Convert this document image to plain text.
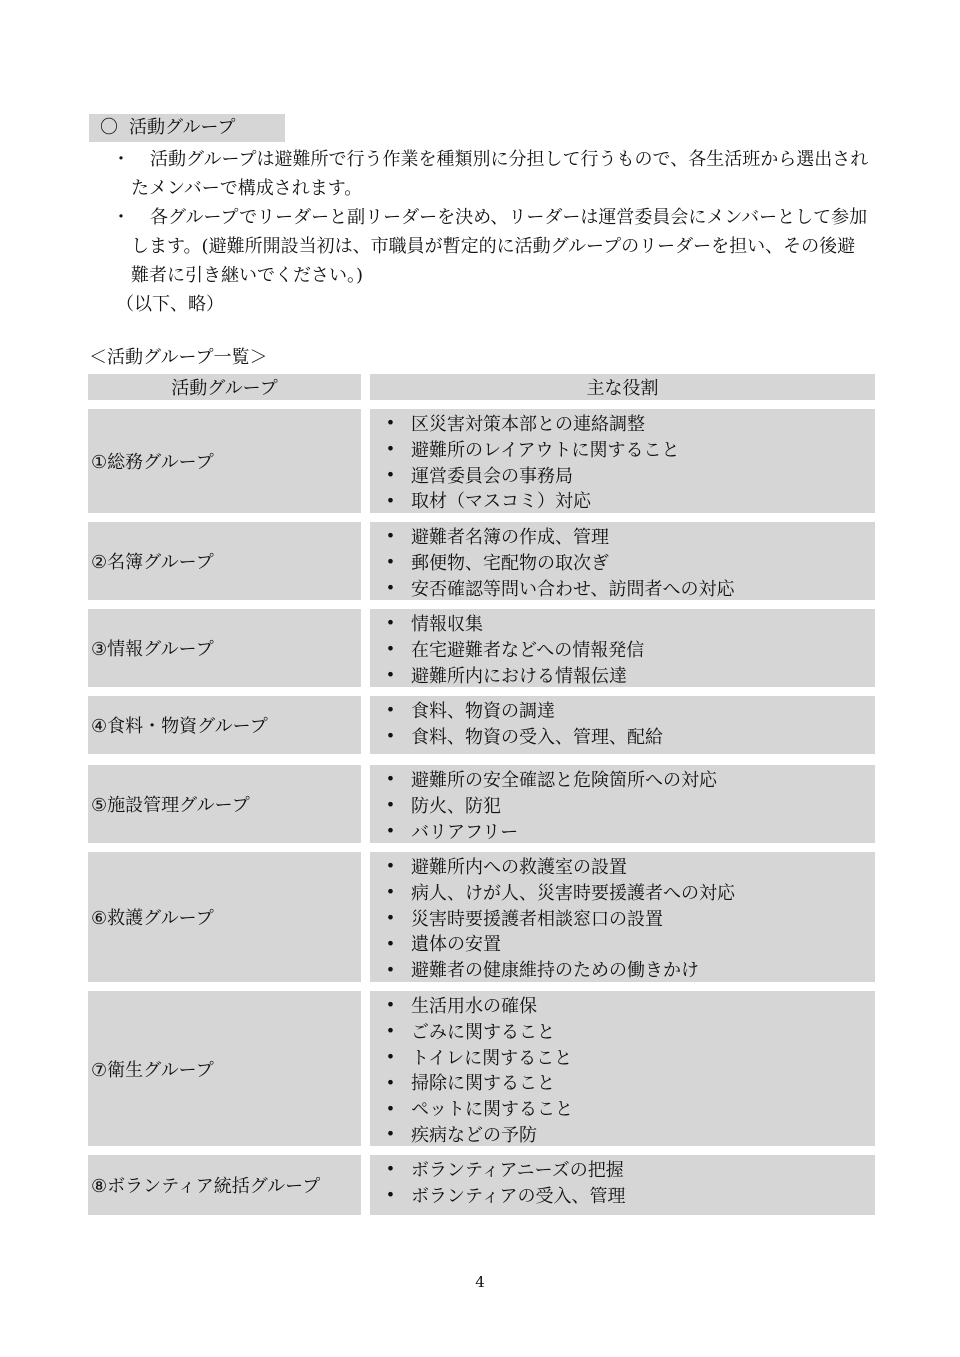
〇 活動グループ
・	活動グループは避難所で行う作業を種類別に分担して行うもので、各生活班から選出されたメンバーで構成されます。
・	各グループでリーダーと副リーダーを決め、リーダーは運営委員会にメンバーとして参加します。(避難所開設当初は、市職員が暫定的に活動グループのリーダーを担い、その後避難者に引き継いでください。)
（以下、略）
＜活動グループ一覧＞
活動グループ	主な役割
①総務グループ
• 区災害対策本部との連絡調整
• 避難所のレイアウトに関すること
• 運営委員会の事務局
• 取材（マスコミ）対応
②名簿グループ
• 避難者名簿の作成、管理
• 郵便物、宅配物の取次ぎ
• 安否確認等問い合わせ、訪問者への対応
③情報グループ
• 情報収集
• 在宅避難者などへの情報発信
• 避難所内における情報伝達
④食料・物資グループ
• 食料、物資の調達
• 食料、物資の受入、管理、配給
⑤施設管理グループ
• 避難所の安全確認と危険箇所への対応
• 防火、防犯
• バリアフリー
⑥救護グループ
• 避難所内への救護室の設置
• 病人、けが人、災害時要援護者への対応
• 災害時要援護者相談窓口の設置
• 遺体の安置
• 避難者の健康維持のための働きかけ
⑦衛生グループ
• 生活用水の確保
• ごみに関すること
• トイレに関すること
• 掃除に関すること
• ペットに関すること
• 疾病などの予防
⑧ボランティア統括グループ
• ボランティアニーズの把握
• ボランティアの受入、管理
4
